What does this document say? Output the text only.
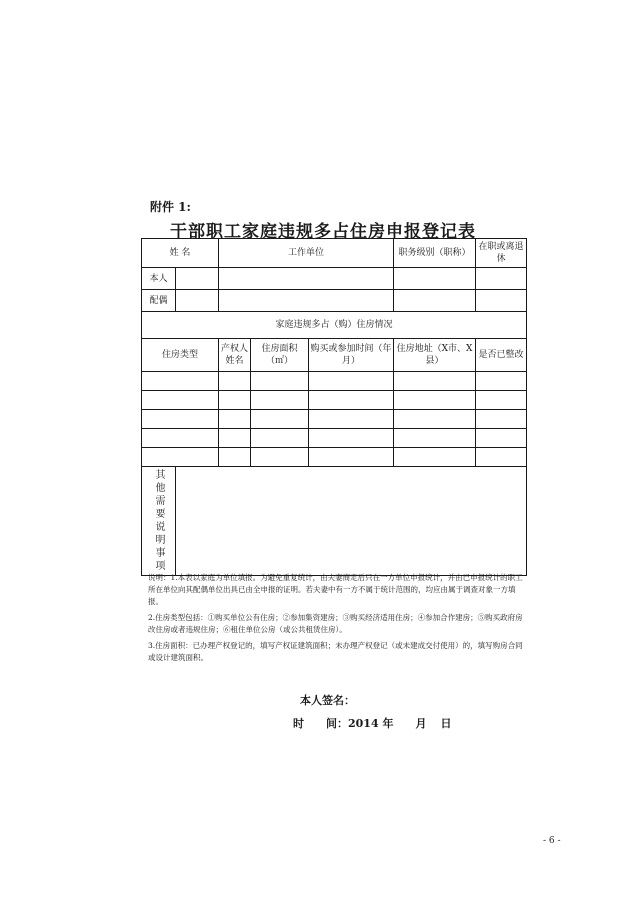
附件 1:
干部职工家庭违规多占住房申报登记表
姓 名		工作单位			职务级别（职称）	在职或离退休
本人						
配偶						
家庭违规多占（购）住房情况						
住房类型		产权人姓名	住房面积（㎡）	购买或参加时间（年月）	住房地址（X市、X县）	是否已整改

其他需要说明事项						

说明：1.本表以家庭为单位填报。为避免重复统计，由夫妻商定后只在一方单位申报统计，并由已申报统计的职工所在单位向其配偶单位出具已由全申报的证明。若夫妻中有一方不属于统计范围的，均应由属于调查对象一方填报。

2.住房类型包括：①购买单位公有住房；②参加集资建房；③购买经济适用住房；④参加合作建房；⑤购买政府房改住房或者违规住房；⑥租住单位公房（或公共租赁住房）。

3.住房面积：已办理产权登记的，填写产权证建筑面积；未办理产权登记（或未建成交付使用）的，填写购房合同或设计建筑面积。

本人签名：
时　　间：2014 年 月 日
- 6 -
